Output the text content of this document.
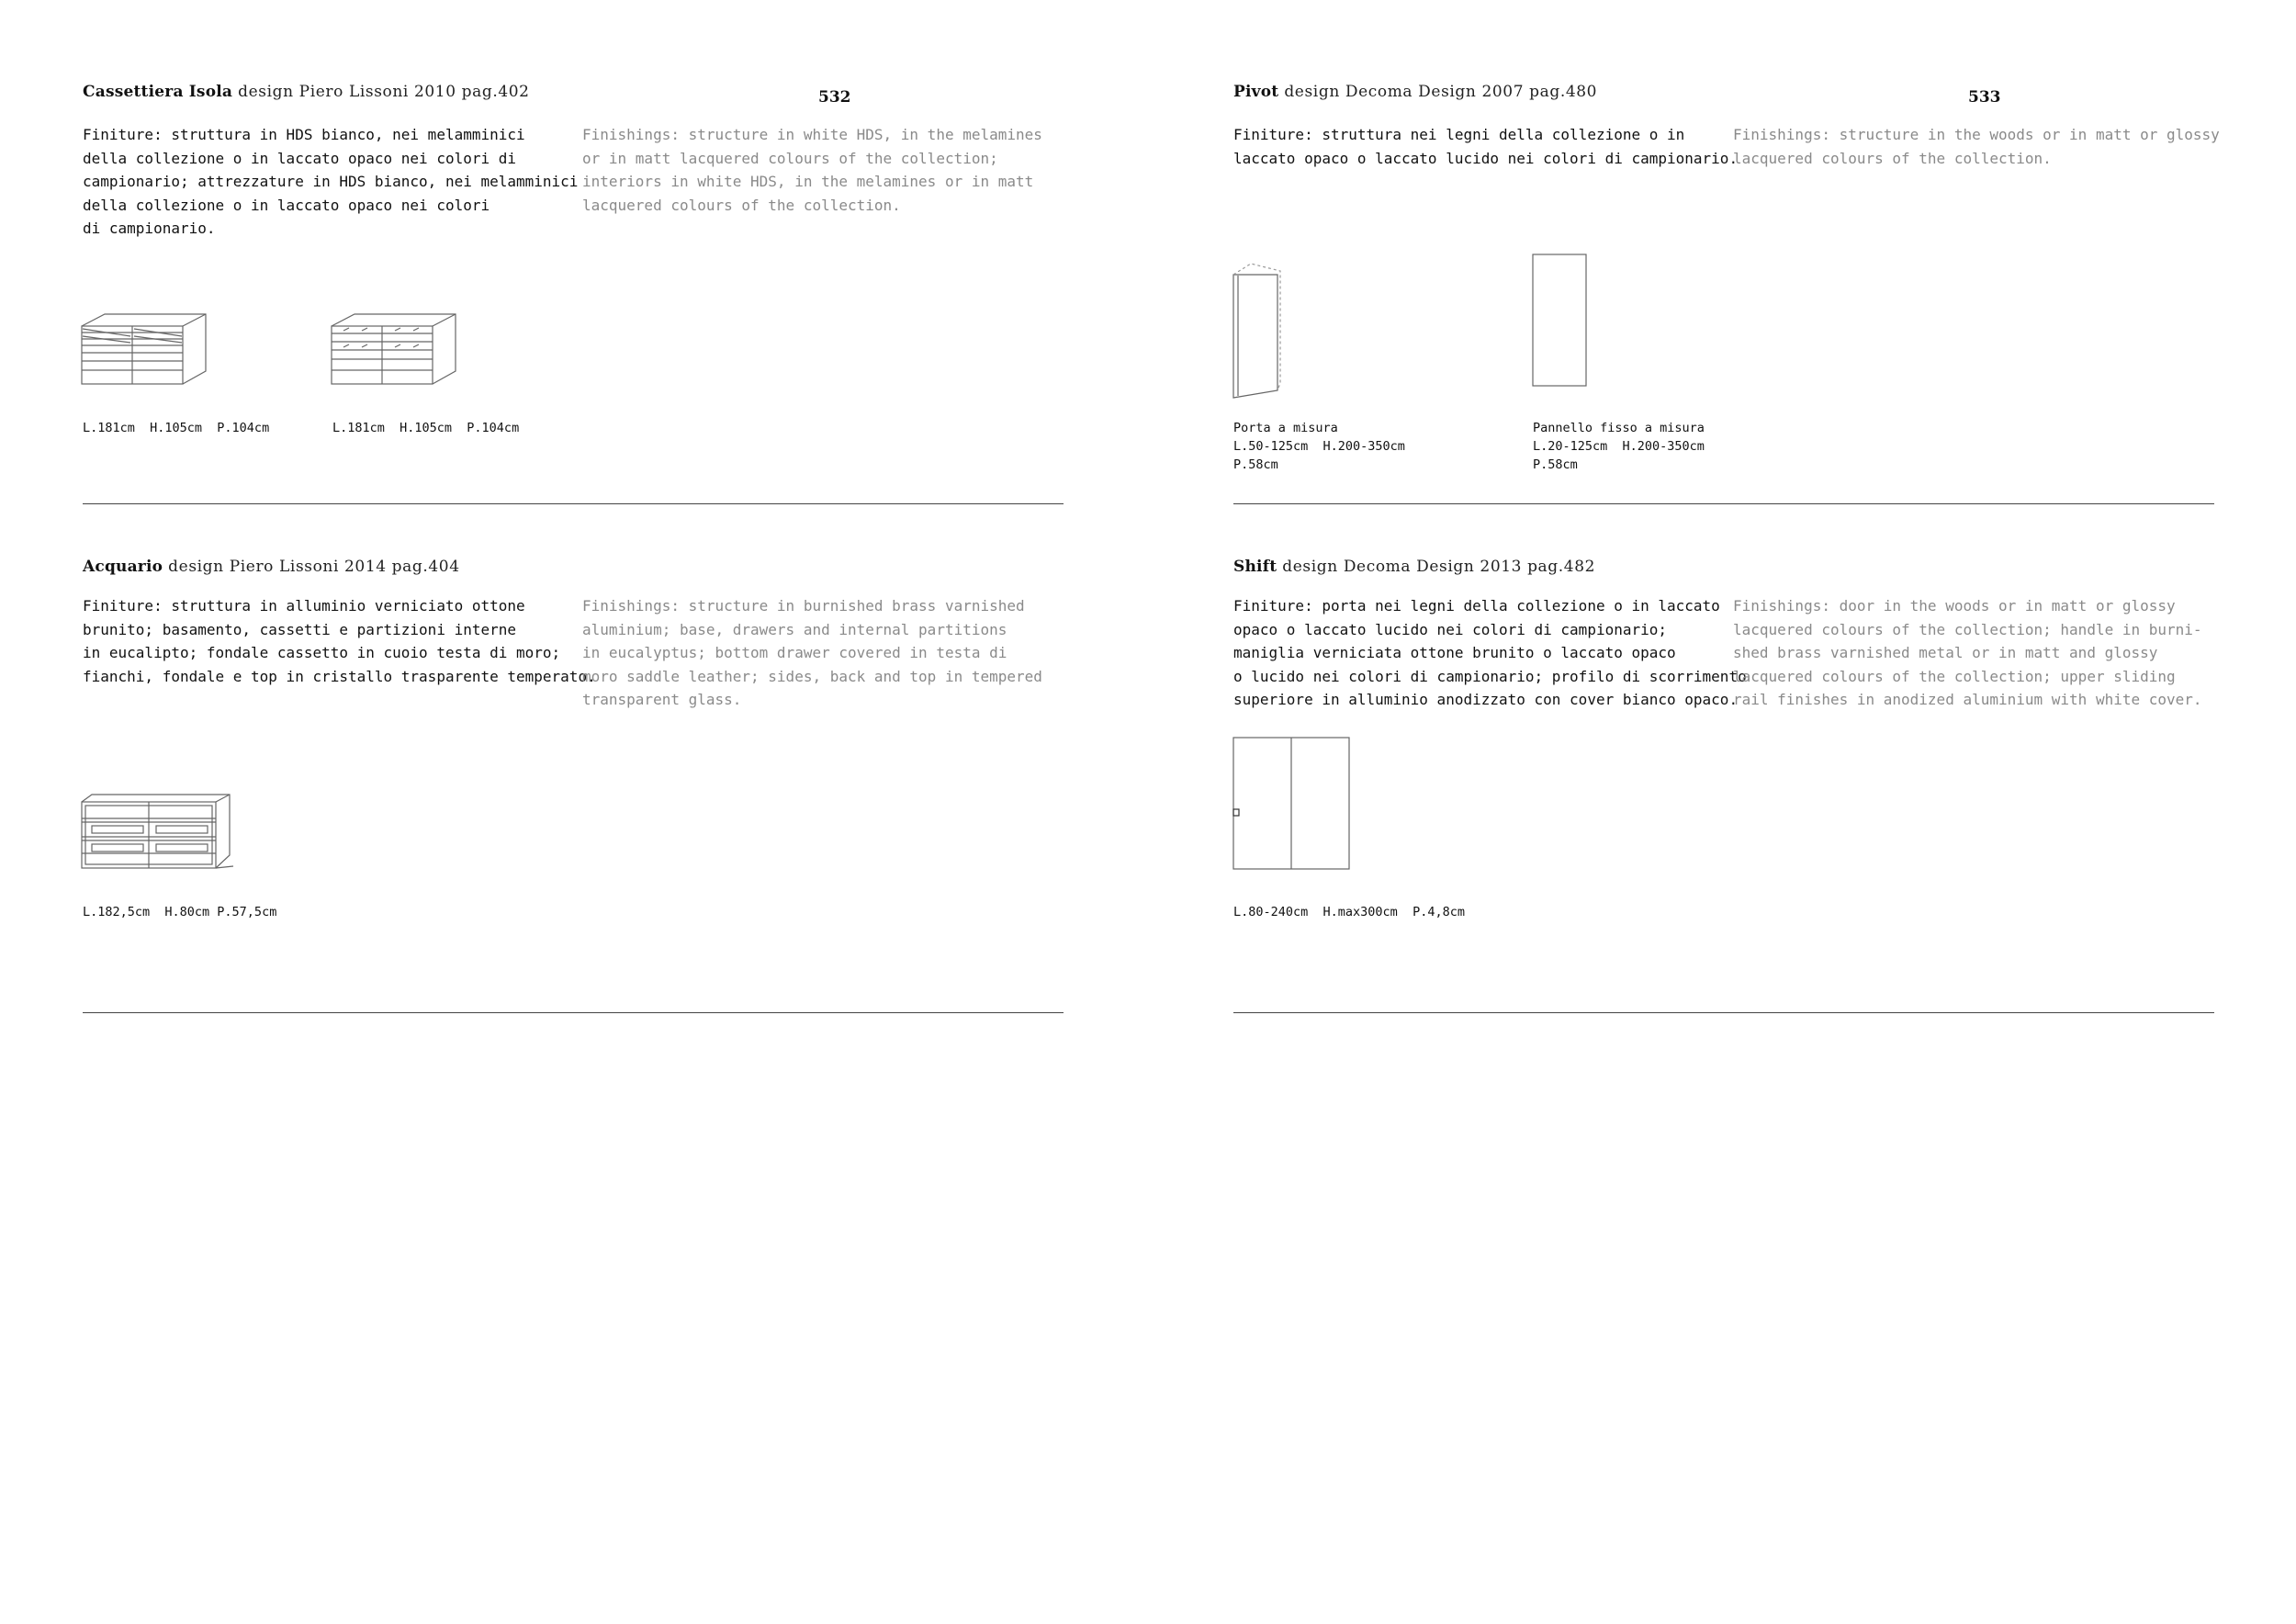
532
Cassettiera Isola design Piero Lissoni 2010 pag.402
Finiture: struttura in HDS bianco, nei melamminici
della collezione o in laccato opaco nei colori di
campionario; attrezzature in HDS bianco, nei melamminici
della collezione o in laccato opaco nei colori
di campionario.
Finishings: structure in white HDS, in the melamines
or in matt lacquered colours of the collection;
interiors in white HDS, in the melamines or in matt
lacquered colours of the collection.
L.181cm  H.105cm  P.104cm	L.181cm  H.105cm  P.104cm
Acquario design Piero Lissoni 2014 pag.404
Finiture: struttura in alluminio verniciato ottone
brunito; basamento, cassetti e partizioni interne
in eucalipto; fondale cassetto in cuoio testa di moro;
fianchi, fondale e top in cristallo trasparente temperato.
Finishings: structure in burnished brass varnished
aluminium; base, drawers and internal partitions
in eucalyptus; bottom drawer covered in testa di
moro saddle leather; sides, back and top in tempered
transparent glass.
L.182,5cm  H.80cm P.57,5cm
533
Pivot design Decoma Design 2007 pag.480
Finiture: struttura nei legni della collezione o in
laccato opaco o laccato lucido nei colori di campionario.
Finishings: structure in the woods or in matt or glossy
lacquered colours of the collection.
Porta a misura
L.50-125cm  H.200-350cm
P.58cm
Pannello fisso a misura
L.20-125cm  H.200-350cm
P.58cm
Shift design Decoma Design 2013 pag.482
Finiture: porta nei legni della collezione o in laccato
opaco o laccato lucido nei colori di campionario;
maniglia verniciata ottone brunito o laccato opaco
o lucido nei colori di campionario; profilo di scorrimento
superiore in alluminio anodizzato con cover bianco opaco.
Finishings: door in the woods or in matt or glossy
lacquered colours of the collection; handle in burni-
shed brass varnished metal or in matt and glossy
lacquered colours of the collection; upper sliding
rail finishes in anodized aluminium with white cover.
L.80-240cm  H.max300cm  P.4,8cm
